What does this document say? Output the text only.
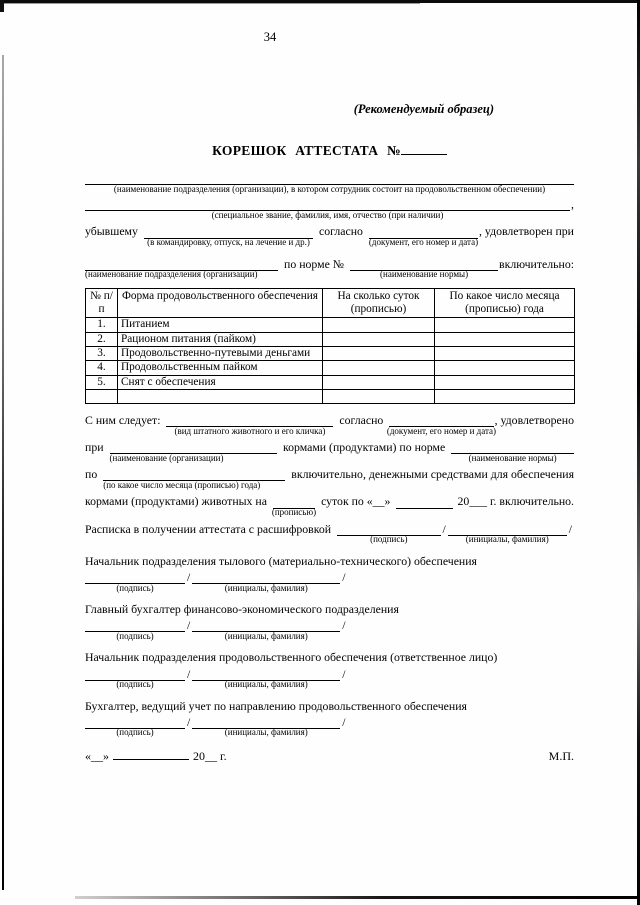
34
(Рекомендуемый образец)
КОРЕШОК АТТЕСТАТА №
(наименование подразделения (организации), в котором сотрудник состоит на продовольственном обеспечении)
(специальное звание, фамилия, имя, отчество (при наличии)
,
убывшему
(в командировку, отпуск, на лечение и др.)
согласно
(документ, его номер и дата)
, удовлетворен при
(наименование подразделения (организации)
по норме №
(наименование нормы)
включительно:
№ п/п	Форма продовольственного обеспечения	На сколько суток (прописью)	По какое число месяца (прописью) года
1.	Питанием		
2.	Рационом питания (пайком)		
3.	Продовольственно-путевыми деньгами		
4.	Продовольственным пайком		
5.	Снят с обеспечения		

С ним следует:
(вид штатного животного и его кличка)
согласно
(документ, его номер и дата)
, удовлетворено
при
(наименование (организации)
кормами (продуктами) по норме
(наименование нормы)
по
(по какое число месяца (прописью) года)
включительно, денежными средствами для обеспечения
кормами (продуктами) животных на
(прописью)
суток по «__»	20___ г. включительно.
Расписка в получении аттестата с расшифровкой
(подпись)
/
(инициалы, фамилия)
/
Начальник подразделения тылового (материально-технического) обеспечения
(подпись)
/
(инициалы, фамилия)
/
Главный бухгалтер финансово-экономического подразделения
(подпись)
/
(инициалы, фамилия)
/
Начальник подразделения продовольственного обеспечения (ответственное лицо)
(подпись)
/
(инициалы, фамилия)
/
Бухгалтер, ведущий учет по направлению продовольственного обеспечения
(подпись)
/
(инициалы, фамилия)
/
«__»	20__ г.	М.П.
